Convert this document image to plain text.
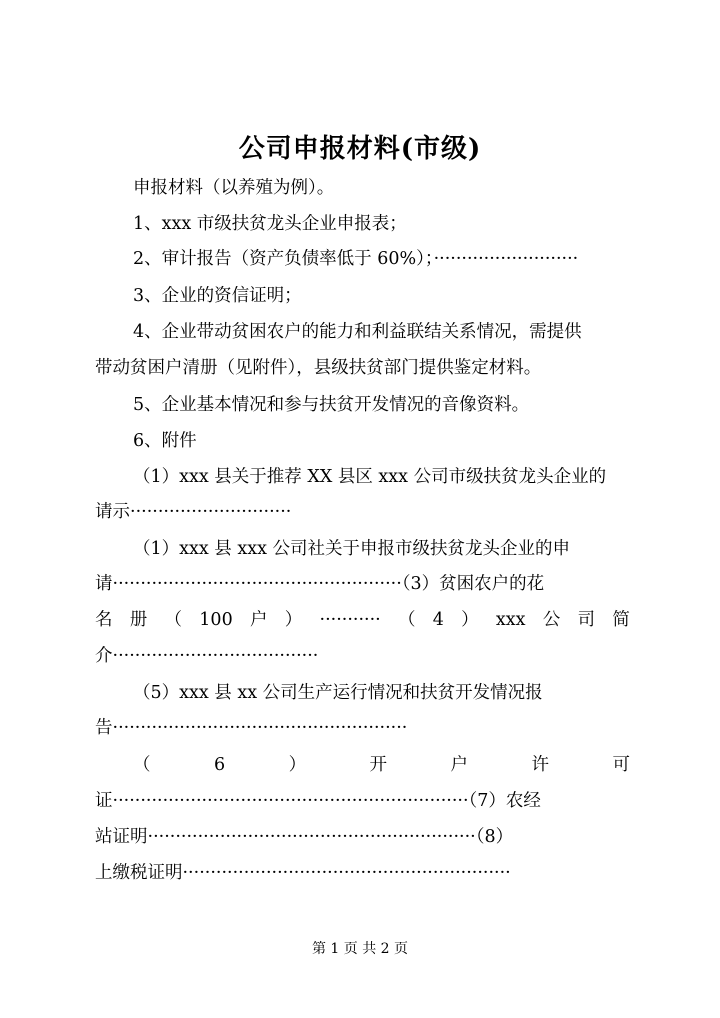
公司申报材料(市级)
申报材料（以养殖为例）。
1、xxx 市级扶贫龙头企业申报表；
2、审计报告（资产负债率低于 60%）；··························
3、企业的资信证明；
4、企业带动贫困农户的能力和利益联结关系情况，需提供
带动贫困户清册（见附件），县级扶贫部门提供鉴定材料。
5、企业基本情况和参与扶贫开发情况的音像资料。
6、附件
（1）xxx 县关于推荐 XX 县区 xxx 公司市级扶贫龙头企业的
请示·····························
（1）xxx 县 xxx 公司社关于申报市级扶贫龙头企业的申
请····················································（3）贫困农户的花
名 册 （ 100 户 ） ··········· （ 4 ） xxx 公 司 简
介·····································
（5）xxx 县 xx 公司生产运行情况和扶贫开发情况报
告·····················································
（	6	）	开	户	许	可
证································································（7）农经
站证明···························································（8）
上缴税证明···························································
第 1 页 共 2 页
